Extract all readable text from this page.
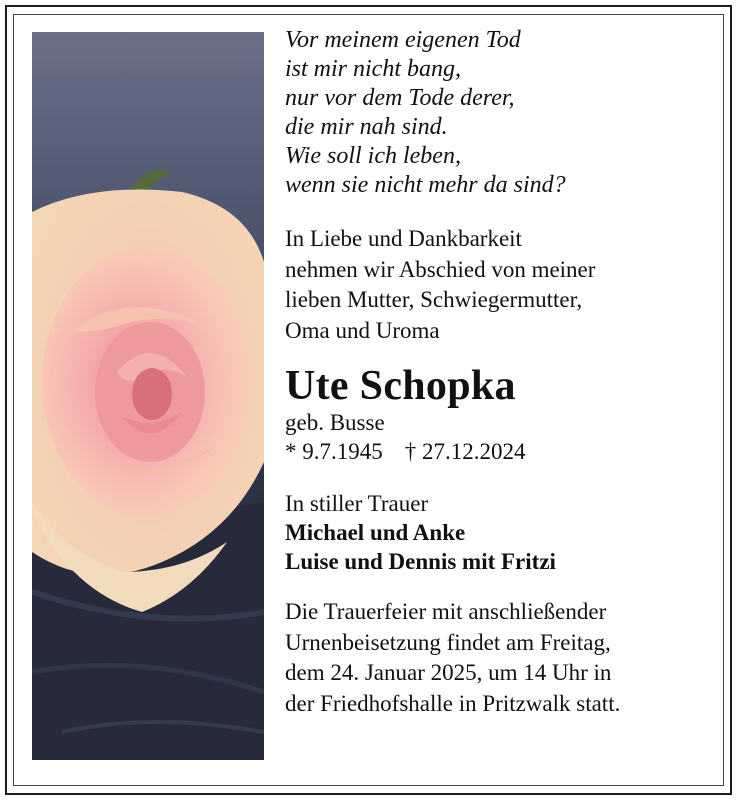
Vor meinem eigenen Tod
ist mir nicht bang,
nur vor dem Tode derer,
die mir nah sind.
Wie soll ich leben,
wenn sie nicht mehr da sind?
In Liebe und Dankbarkeit
nehmen wir Abschied von meiner
lieben Mutter, Schwiegermutter,
Oma und Uroma
Ute Schopka
geb. Busse
* 9.7.1945 † 27.12.2024
In stiller Trauer
Michael und Anke
Luise und Dennis mit Fritzi
Die Trauerfeier mit anschließender
Urnenbeisetzung findet am Freitag,
dem 24. Januar 2025, um 14 Uhr in
der Friedhofshalle in Pritzwalk statt.
